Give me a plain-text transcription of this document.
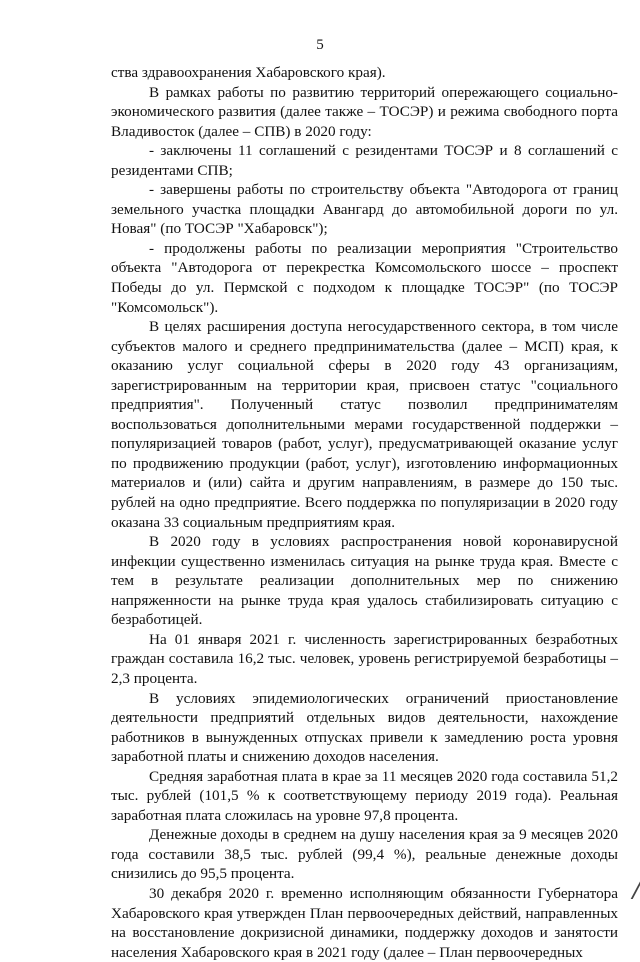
5

ства здравоохранения Хабаровского края).

В рамках работы по развитию территорий опережающего социально-экономического развития (далее также – ТОСЭР) и режима свободного порта Владивосток (далее – СПВ) в 2020 году:

- заключены 11 соглашений с резидентами ТОСЭР и 8 соглашений с резидентами СПВ;

- завершены работы по строительству объекта "Автодорога от границ земельного участка площадки Авангард до автомобильной дороги по ул. Новая" (по ТОСЭР "Хабаровск");

- продолжены работы по реализации мероприятия "Строительство объекта "Автодорога от перекрестка Комсомольского шоссе – проспект Победы до ул. Пермской с подходом к площадке ТОСЭР" (по ТОСЭР "Комсомольск").

В целях расширения доступа негосударственного сектора, в том числе субъектов малого и среднего предпринимательства (далее – МСП) края, к оказанию услуг социальной сферы в 2020 году 43 организациям, зарегистрированным на территории края, присвоен статус "социального предприятия". Полученный статус позволил предпринимателям воспользоваться дополнительными мерами государственной поддержки – популяризацией товаров (работ, услуг), предусматривающей оказание услуг по продвижению продукции (работ, услуг), изготовлению информационных материалов и (или) сайта и другим направлениям, в размере до 150 тыс. рублей на одно предприятие. Всего поддержка по популяризации в 2020 году оказана 33 социальным предприятиям края.

В 2020 году в условиях распространения новой коронавирусной инфекции существенно изменилась ситуация на рынке труда края. Вместе с тем в результате реализации дополнительных мер по снижению напряженности на рынке труда края удалось стабилизировать ситуацию с безработицей.

На 01 января 2021 г. численность зарегистрированных безработных граждан составила 16,2 тыс. человек, уровень регистрируемой безработицы – 2,3 процента.

В условиях эпидемиологических ограничений приостановление деятельности предприятий отдельных видов деятельности, нахождение работников в вынужденных отпусках привели к замедлению роста уровня заработной платы и снижению доходов населения.

Средняя заработная плата в крае за 11 месяцев 2020 года составила 51,2 тыс. рублей (101,5 % к соответствующему периоду 2019 года). Реальная заработная плата сложилась на уровне 97,8 процента.

Денежные доходы в среднем на душу населения края за 9 месяцев 2020 года составили 38,5 тыс. рублей (99,4 %), реальные денежные доходы снизились до 95,5 процента.

30 декабря 2020 г. временно исполняющим обязанности Губернатора Хабаровского края утвержден План первоочередных действий, направленных на восстановление докризисной динамики, поддержку доходов и занятости населения Хабаровского края в 2021 году (далее – План первоочередных
